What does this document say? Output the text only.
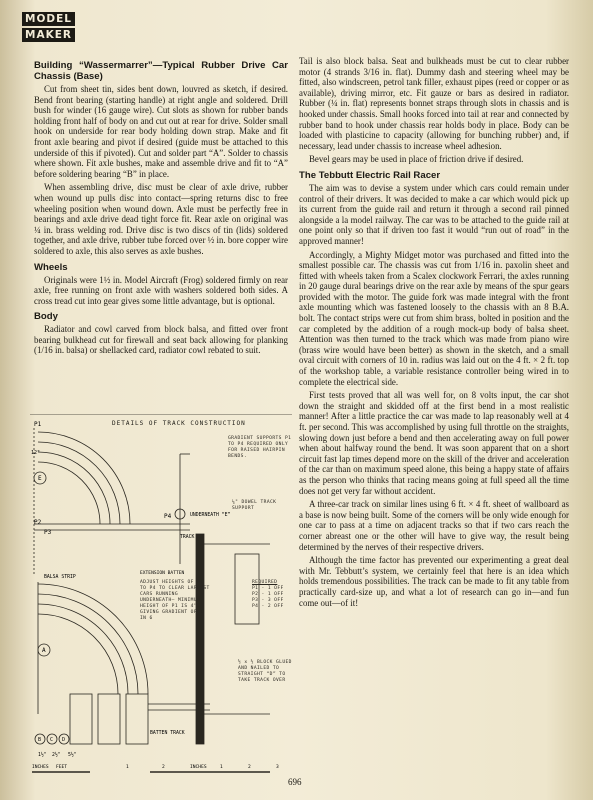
MODEL
MAKER
Building “Wassermarrer”—Typical Rubber Drive Car Chassis (Base)

Cut from sheet tin, sides bent down, louvred as sketch, if desired. Bend front bearing (starting handle) at right angle and soldered. Drill bush for winder (16 gauge wire). Cut slots as shown for rubber bands holding front half of body on and cut out at rear for drive. Solder small hook on underside for rear body holding down strap. Make and fit front axle bearing and pivot if desired (guide must be attached to this underside of this if pivoted). Cut and solder part “A”. Solder to chassis where shown. Fit axle bushes, make and assemble drive and fit to “A” before soldering bearing “B” in place.

When assembling drive, disc must be clear of axle drive, rubber when wound up pulls disc into contact—spring returns disc to free wheeling position when wound down. Axle must be perfectly free in bearings and axle drive dead tight force fit. Rear axle on original was ¼ in. brass welding rod. Drive disc is two discs of tin (lids) soldered together, and axle drive, rubber tube forced over ½ in. bore copper wire soldered to axle, this also serves as axle bushes.

Wheels

Originals were 1½ in. Model Aircraft (Frog) soldered firmly on rear axle, free running on front axle with washers soldered both sides. A cross tread cut into gear gives some little advantage, but is optional.

Body

Radiator and cowl carved from block balsa, and fitted over front bearing bulkhead cut for firewall and seat back allowing for planking (1/16 in. balsa) or shellacked card, radiator cowl rebated to suit.

Tail is also block balsa. Seat and bulkheads must be cut to clear rubber motor (4 strands 3/16 in. flat). Dummy dash and steering wheel may be fitted, also windscreen, petrol tank filler, exhaust pipes (reed or copper or as available), driving mirror, etc. Fit gauze or bars as desired in radiator. Rubber (¼ in. flat) represents bonnet straps through slots in chassis and is hooked under chassis. Small hooks forced into tail at rear and connected by rubber band to hook under chassis rear holds body in place. Body can be loaded with plasticine to capacity (allowing for bunching rubber) and, if necessary, lead under chassis to increase wheel adhesion.

Bevel gears may be used in place of friction drive if desired.

The Tebbutt Electric Rail Racer

The aim was to devise a system under which cars could remain under control of their drivers. It was decided to make a car which would pick up its current from the guide rail and return it through a second rail pinned alongside a la model railway. The car was to be attached to the guide rail at one point only so that if driven too fast it would “run out of road” in the approved manner!

Accordingly, a Mighty Midget motor was purchased and fitted into the smallest possible car. The chassis was cut from 1/16 in. paxolin sheet and fitted with wheels taken from a Scalex clockwork Ferrari, the axles running in 20 gauge dural bearings drive on the rear axle by means of the spur gears provided with the motor. The guide fork was made integral with the front axle mounting which was fastened loosely to the chassis with an 8 B.A. bolt. The contact strips were cut from shim brass, bolted in position and the car completed by the addition of a rough mock-up body of balsa sheet. Attention was then turned to the track which was made from piano wire (brass wire would have been better) as shown in the sketch, and a small oval circuit with corners of 10 in. radius was laid out on the 4 ft. × 2 ft. top of the workshop table, a variable resistance controller being wired in to complete the electrical side.

First tests proved that all was well for, on 8 volts input, the car shot down the straight and skidded off at the first bend in a most realistic manner! After a little practice the car was made to lap reasonably well at 4 ft. per second. This was accomplished by using full throttle on the straights, slowing down just before a bend and then accelerating away on full power when about halfway round the bend. It was soon apparent that on a short circuit fast lap times depend more on the skill of the driver and acceleration of the car than on maximum speed alone, this being a happy state of affairs as the person who thinks that racing means going at full speed all the time does not get very far without accident.

A three-car track on similar lines using 6 ft. × 4 ft. sheet of wallboard as a base is now being built. Some of the corners will be only wide enough for one car to pass at a time on adjacent tracks so that if two cars reach the corner abreast one or the other will have to give way, the result being determined by the nerves of their respective drivers.

Although the time factor has prevented our experimenting a great deal with Mr. Tebbutt’s system, we certainly feel that here is an idea which holds tremendous possibilities. The track can be made to fit any table from practically card-size up, and what a lot of research can go in—and fun come out—of it!

P1
P2
P3
P4
E
A
B C D
12"
UNDERNEATH “E”
TRACK
BALSA STRIP
EXTENSION BATTEN
BATTEN TRACK
1½" 2½" 5½"
INCHES FEET	1	2	INCHES	1	2	3
DETAILS OF TRACK CONSTRUCTION
GRADIENT SUPPORTS P1 TO P4 REQUIRED ONLY FOR RAISED HAIRPIN BENDS.
¼" DOWEL TRACK SUPPORT
ADJUST HEIGHTS OF P1 TO P4 TO CLEAR LARGEST CARS RUNNING UNDERNEATH— MINIMUM HEIGHT OF P1 IS 4", GIVING GRADIENT OF 1 IN 6
REQUIRED
P1 - 1 OFF
P2 - 1 OFF
P3 - 3 OFF
P4 - 2 OFF
½ x ½ BLOCK GLUED AND NAILED TO STRAIGHT “D” TO TAKE TRACK OVER
696
